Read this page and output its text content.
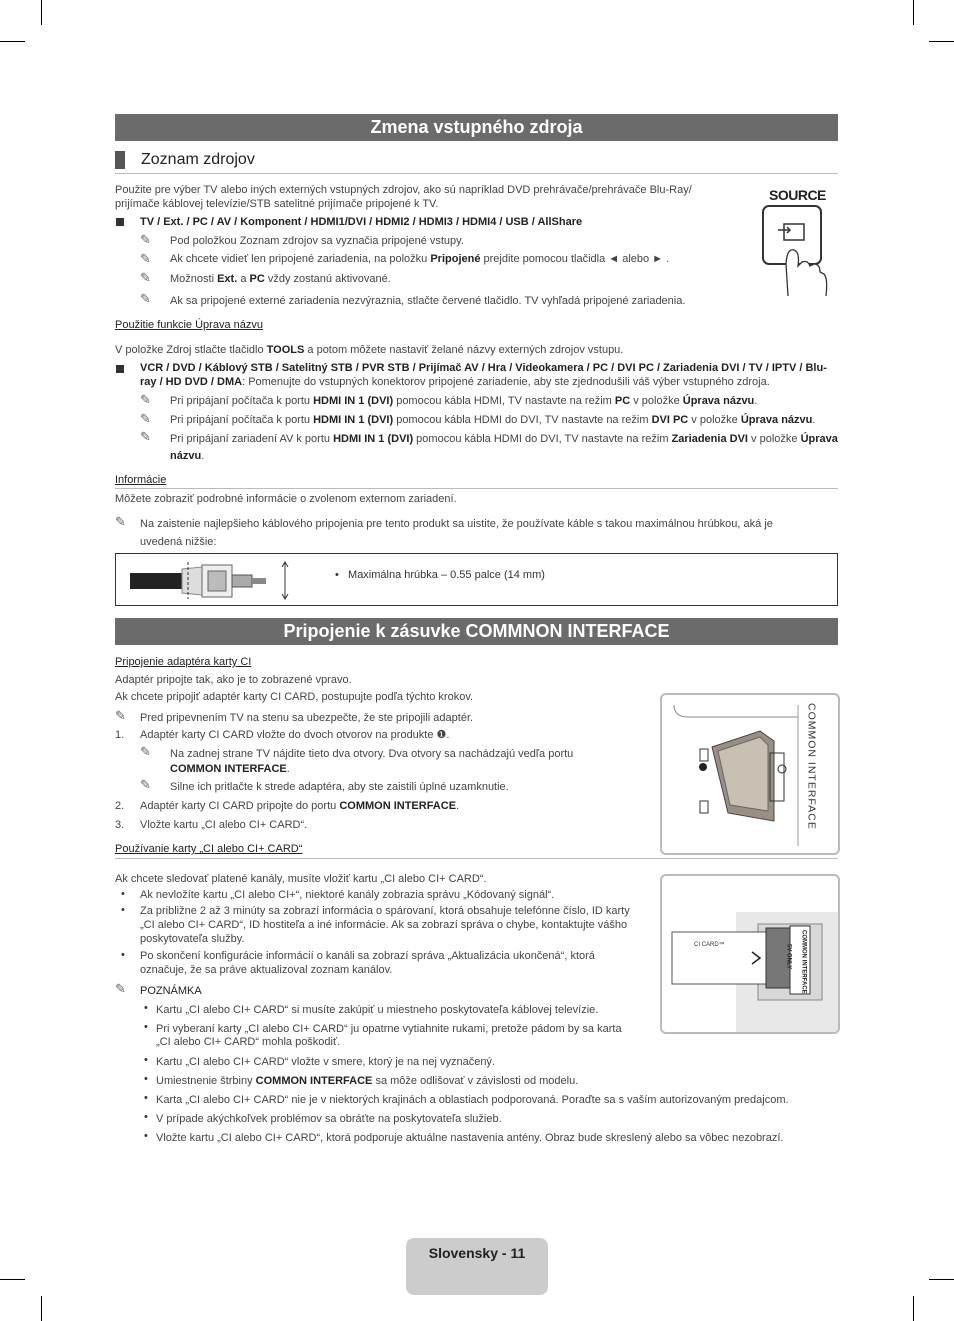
Zmena vstupného zdroja
Zoznam zdrojov
Použite pre výber TV alebo iných externých vstupných zdrojov, ako sú napríklad DVD prehrávače/prehrávače Blu-Ray/
prijímače káblovej televízie/STB satelitné prijímače pripojené k TV.
SOURCE
TV / Ext. / PC / AV / Komponent / HDMI1/DVI / HDMI2 / HDMI3 / HDMI4 / USB / AllShare
✎ Pod položkou Zoznam zdrojov sa vyznačia pripojené vstupy.
✎ Ak chcete vidieť len pripojené zariadenia, na položku Pripojené prejdite pomocou tlačidla ◄ alebo ► .
✎ Možnosti Ext. a PC vždy zostanú aktivované.
✎ Ak sa pripojené externé zariadenia nezvýraznia, stlačte červené tlačidlo. TV vyhľadá pripojené zariadenia.
Použitie funkcie Úprava názvu
V položke Zdroj stlačte tlačidlo TOOLS a potom môžete nastaviť želané názvy externých zdrojov vstupu.
VCR / DVD / Káblový STB / Satelitný STB / PVR STB / Prijímač AV / Hra / Videokamera / PC / DVI PC / Zariadenia DVI / TV / IPTV / Blu-
ray / HD DVD / DMA: Pomenujte do vstupných konektorov pripojené zariadenie, aby ste zjednodušili váš výber vstupného zdroja.
✎ Pri pripájaní počítača k portu HDMI IN 1 (DVI) pomocou kábla HDMI, TV nastavte na režim PC v položke Úprava názvu.
✎ Pri pripájaní počítača k portu HDMI IN 1 (DVI) pomocou kábla HDMI do DVI, TV nastavte na režim DVI PC v položke Úprava názvu.
✎ Pri pripájaní zariadení AV k portu HDMI IN 1 (DVI) pomocou kábla HDMI do DVI, TV nastavte na režim Zariadenia DVI v položke Úprava
názvu.
Informácie
Môžete zobraziť podrobné informácie o zvolenom externom zariadení.
✎ Na zaistenie najlepšieho káblového pripojenia pre tento produkt sa uistite, že používate káble s takou maximálnou hrúbkou, aká je
uvedená nižšie:
•   Maximálna hrúbka – 0.55 palce (14 mm)
Pripojenie k zásuvke COMMNON INTERFACE
Pripojenie adaptéra karty CI
Adaptér pripojte tak, ako je to zobrazené vpravo.
Ak chcete pripojiť adaptér karty CI CARD, postupujte podľa týchto krokov.
✎ Pred pripevnením TV na stenu sa ubezpečte, že ste pripojili adaptér.
1. Adaptér karty CI CARD vložte do dvoch otvorov na produkte ❶.
✎ Na zadnej strane TV nájdite tieto dva otvory. Dva otvory sa nachádzajú vedľa portu
COMMON INTERFACE.
✎ Silne ich pritlačte k strede adaptéra, aby ste zaistili úplné uzamknutie.
2. Adaptér karty CI CARD pripojte do portu COMMON INTERFACE.
3. Vložte kartu „CI alebo CI+ CARD“.	COMMON INTERFACE
Používanie karty „CI alebo CI+ CARD“
Ak chcete sledovať platené kanály, musíte vložiť kartu „CI alebo CI+ CARD“.
• Ak nevložíte kartu „CI alebo CI+“, niektoré kanály zobrazia správu „Kódovaný signál“.
• Za približne 2 až 3 minúty sa zobrazí informácia o spárovaní, ktorá obsahuje telefónne číslo, ID karty
„CI alebo CI+ CARD“, ID hostiteľa a iné informácie. Ak sa zobrazí správa o chybe, kontaktujte vášho
poskytovateľa služby.
• Po skončení konfigurácie informácií o kanáli sa zobrazí správa „Aktualizácia ukončená“, ktorá
označuje, že sa práve aktualizoval zoznam kanálov.
✎ POZNÁMKA
• Kartu „CI alebo CI+ CARD“ si musíte zakúpiť u miestneho poskytovateľa káblovej televízie.
• Pri vyberaní karty „CI alebo CI+ CARD“ ju opatrne vytiahnite rukami, pretože pádom by sa karta
„CI alebo CI+ CARD“ mohla poškodiť.
• Kartu „CI alebo CI+ CARD“ vložte v smere, ktorý je na nej vyznačený.
• Umiestnenie štrbiny COMMON INTERFACE sa môže odlišovať v závislosti od modelu.
• Karta „CI alebo CI+ CARD“ nie je v niektorých krajinách a oblastiach podporovaná. Poraďte sa s vaším autorizovaným predajcom.
• V prípade akýchkoľvek problémov sa obráťte na poskytovateľa služieb.
• Vložte kartu „CI alebo CI+ CARD“, ktorá podporuje aktuálne nastavenia antény. Obraz bude skreslený alebo sa vôbec nezobrazí.
CI CARD™	COMMON INTERFACE
5V ONLY
Slovensky - 11
